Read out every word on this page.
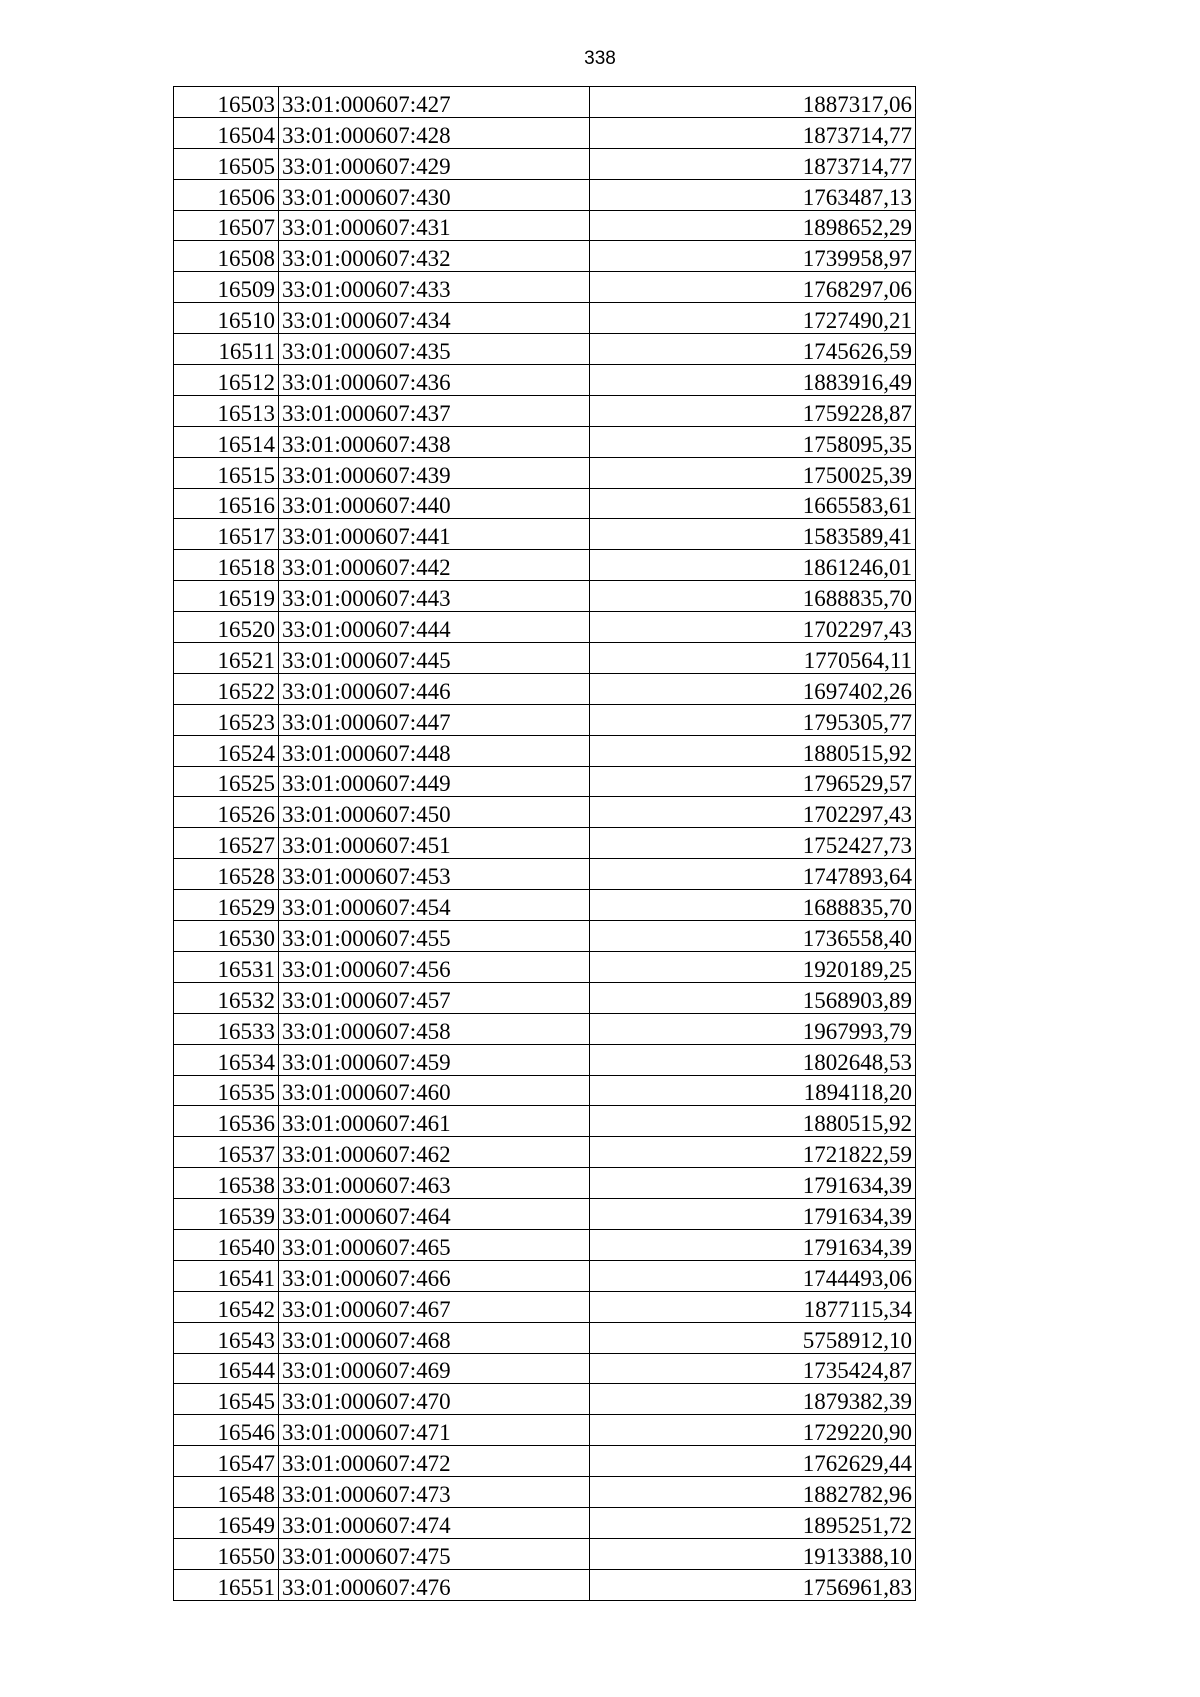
338
16503	33:01:000607:427	1887317,06
16504	33:01:000607:428	1873714,77
16505	33:01:000607:429	1873714,77
16506	33:01:000607:430	1763487,13
16507	33:01:000607:431	1898652,29
16508	33:01:000607:432	1739958,97
16509	33:01:000607:433	1768297,06
16510	33:01:000607:434	1727490,21
16511	33:01:000607:435	1745626,59
16512	33:01:000607:436	1883916,49
16513	33:01:000607:437	1759228,87
16514	33:01:000607:438	1758095,35
16515	33:01:000607:439	1750025,39
16516	33:01:000607:440	1665583,61
16517	33:01:000607:441	1583589,41
16518	33:01:000607:442	1861246,01
16519	33:01:000607:443	1688835,70
16520	33:01:000607:444	1702297,43
16521	33:01:000607:445	1770564,11
16522	33:01:000607:446	1697402,26
16523	33:01:000607:447	1795305,77
16524	33:01:000607:448	1880515,92
16525	33:01:000607:449	1796529,57
16526	33:01:000607:450	1702297,43
16527	33:01:000607:451	1752427,73
16528	33:01:000607:453	1747893,64
16529	33:01:000607:454	1688835,70
16530	33:01:000607:455	1736558,40
16531	33:01:000607:456	1920189,25
16532	33:01:000607:457	1568903,89
16533	33:01:000607:458	1967993,79
16534	33:01:000607:459	1802648,53
16535	33:01:000607:460	1894118,20
16536	33:01:000607:461	1880515,92
16537	33:01:000607:462	1721822,59
16538	33:01:000607:463	1791634,39
16539	33:01:000607:464	1791634,39
16540	33:01:000607:465	1791634,39
16541	33:01:000607:466	1744493,06
16542	33:01:000607:467	1877115,34
16543	33:01:000607:468	5758912,10
16544	33:01:000607:469	1735424,87
16545	33:01:000607:470	1879382,39
16546	33:01:000607:471	1729220,90
16547	33:01:000607:472	1762629,44
16548	33:01:000607:473	1882782,96
16549	33:01:000607:474	1895251,72
16550	33:01:000607:475	1913388,10
16551	33:01:000607:476	1756961,83
